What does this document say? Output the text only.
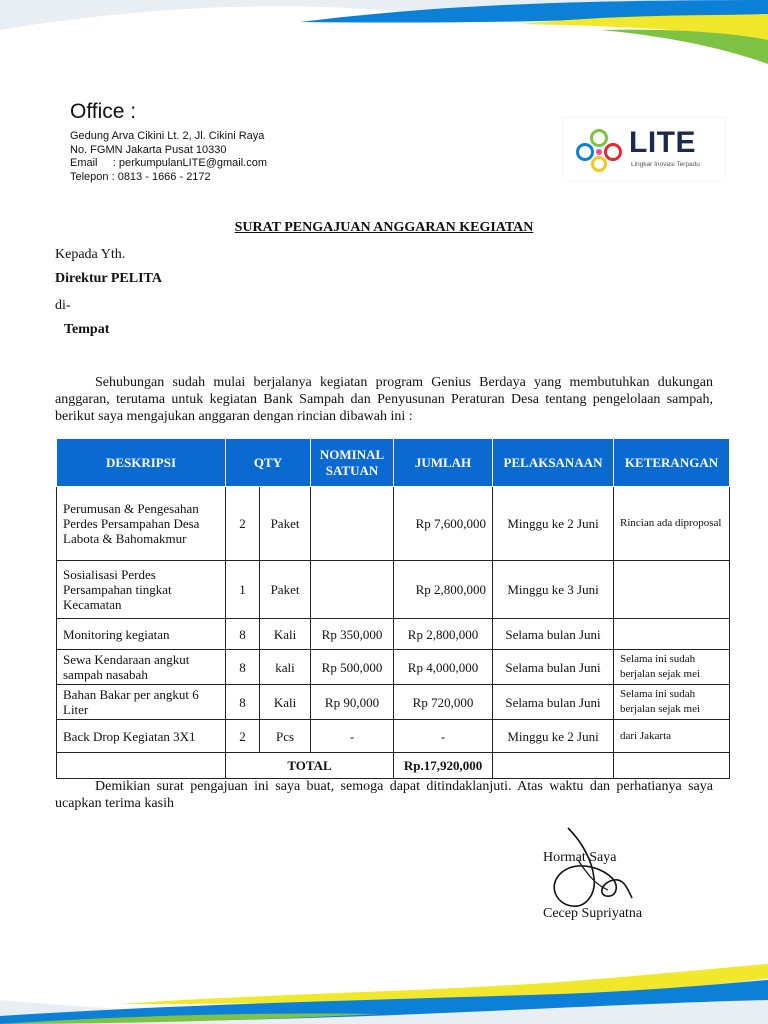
Office :

Gedung Arva Cikini Lt. 2, Jl. Cikini Raya

No. FGMN Jakarta Pusat 10330

Email     : perkumpulanLITE@gmail.com

Telepon : 0813 - 1666 - 2172

LITE
Lingkar Inovasi Terpadu
SURAT PENGAJUAN ANGGARAN KEGIATAN
Kepada Yth.
Direktur PELITA
di-
Tempat

Sehubungan sudah mulai berjalanya kegiatan program Genius Berdaya yang membutuhkan dukungan anggaran, terutama untuk kegiatan Bank Sampah dan Penyusunan Peraturan Desa tentang pengelolaan sampah, berikut saya mengajukan anggaran dengan rincian dibawah ini :

DESKRIPSI	QTY		NOMINAL SATUAN	JUMLAH	PELAKSANAAN	KETERANGAN
Perumusan & Pengesahan Perdes Persampahan Desa Labota & Bahomakmur	2	Paket		Rp 7,600,000	Minggu ke 2 Juni	Rincian ada diproposal
Sosialisasi Perdes Persampahan tingkat Kecamatan	1	Paket		Rp 2,800,000	Minggu ke 3 Juni	
Monitoring kegiatan	8	Kali	Rp 350,000	Rp 2,800,000	Selama bulan Juni	
Sewa Kendaraan angkut sampah nasabah	8	kali	Rp 500,000	Rp 4,000,000	Selama bulan Juni	Selama ini sudah berjalan sejak mei
Bahan Bakar per angkut 6 Liter	8	Kali	Rp 90,000	Rp 720,000	Selama bulan Juni	Selama ini sudah berjalan sejak mei
Back Drop Kegiatan 3X1	2	Pcs	-	-	Minggu ke 2 Juni	dari Jakarta
	TOTAL			Rp.17,920,000		

Demikian surat pengajuan ini saya buat, semoga dapat ditindaklanjuti. Atas waktu dan perhatianya saya ucapkan terima kasih

Hormat Saya
Cecep Supriyatna
